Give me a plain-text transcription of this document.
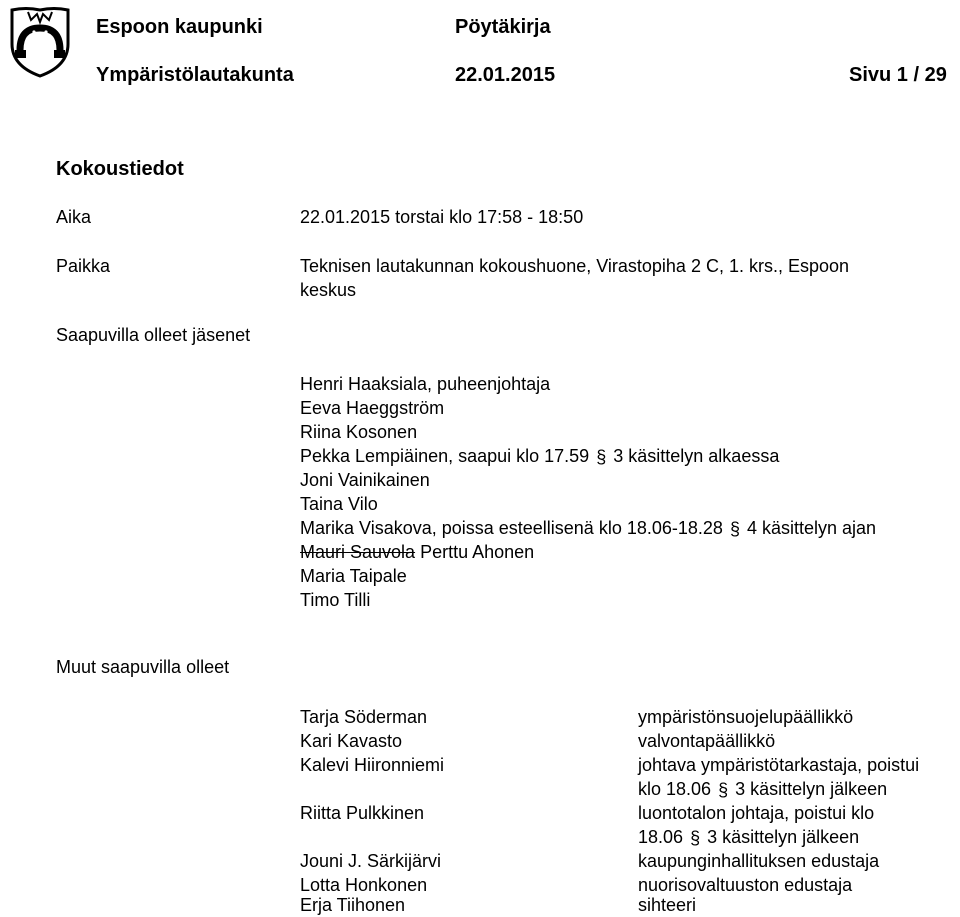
Espoon kaupunki	Pöytäkirja
Ympäristölautakunta	22.01.2015	Sivu 1 / 29
Kokoustiedot
Aika	22.01.2015 torstai klo 17:58 - 18:50
Paikka	Teknisen lautakunnan kokoushuone, Virastopiha 2 C, 1. krs., Espoon
keskus
Saapuvilla olleet jäsenet
Henri Haaksiala, puheenjohtaja
Eeva Haeggström
Riina Kosonen
Pekka Lempiäinen, saapui klo 17.59 § 3 käsittelyn alkaessa
Joni Vainikainen
Taina Vilo
Marika Visakova, poissa esteellisenä klo 18.06-18.28 § 4 käsittelyn ajan
Mauri Sauvola Perttu Ahonen
Maria Taipale
Timo Tilli
Muut saapuvilla olleet
Tarja Söderman	ympäristönsuojelupäällikkö
Kari Kavasto	valvontapäällikkö
Kalevi Hiironniemi	johtava ympäristötarkastaja, poistui
klo 18.06 § 3 käsittelyn jälkeen
Riitta Pulkkinen	luontotalon johtaja, poistui klo
18.06 § 3 käsittelyn jälkeen
Jouni J. Särkijärvi	kaupunginhallituksen edustaja
Lotta Honkonen	nuorisovaltuuston edustaja
Erja Tiihonen	sihteeri
